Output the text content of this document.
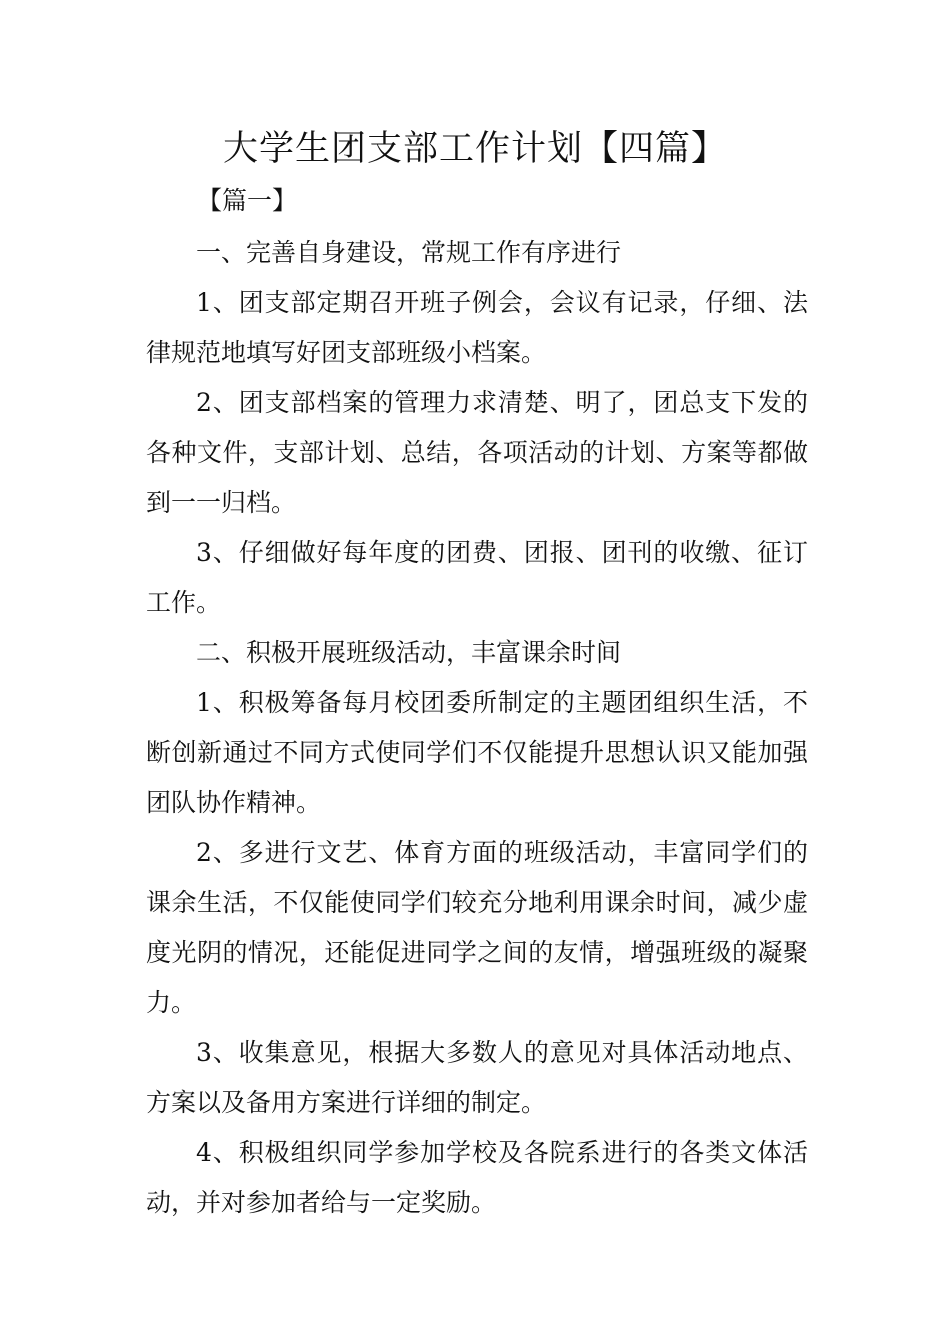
大学生团支部工作计划【四篇】
【篇一】

一、完善自身建设，常规工作有序进行

1、团支部定期召开班子例会，会议有记录，仔细、法律规范地填写好团支部班级小档案。

2、团支部档案的管理力求清楚、明了，团总支下发的各种文件，支部计划、总结，各项活动的计划、方案等都做到一一归档。

3、仔细做好每年度的团费、团报、团刊的收缴、征订工作。

二、积极开展班级活动，丰富课余时间

1、积极筹备每月校团委所制定的主题团组织生活，不断创新通过不同方式使同学们不仅能提升思想认识又能加强团队协作精神。

2、多进行文艺、体育方面的班级活动，丰富同学们的课余生活，不仅能使同学们较充分地利用课余时间，减少虚度光阴的情况，还能促进同学之间的友情，增强班级的凝聚力。

3、收集意见，根据大多数人的意见对具体活动地点、方案以及备用方案进行详细的制定。

4、积极组织同学参加学校及各院系进行的各类文体活动，并对参加者给与一定奖励。
